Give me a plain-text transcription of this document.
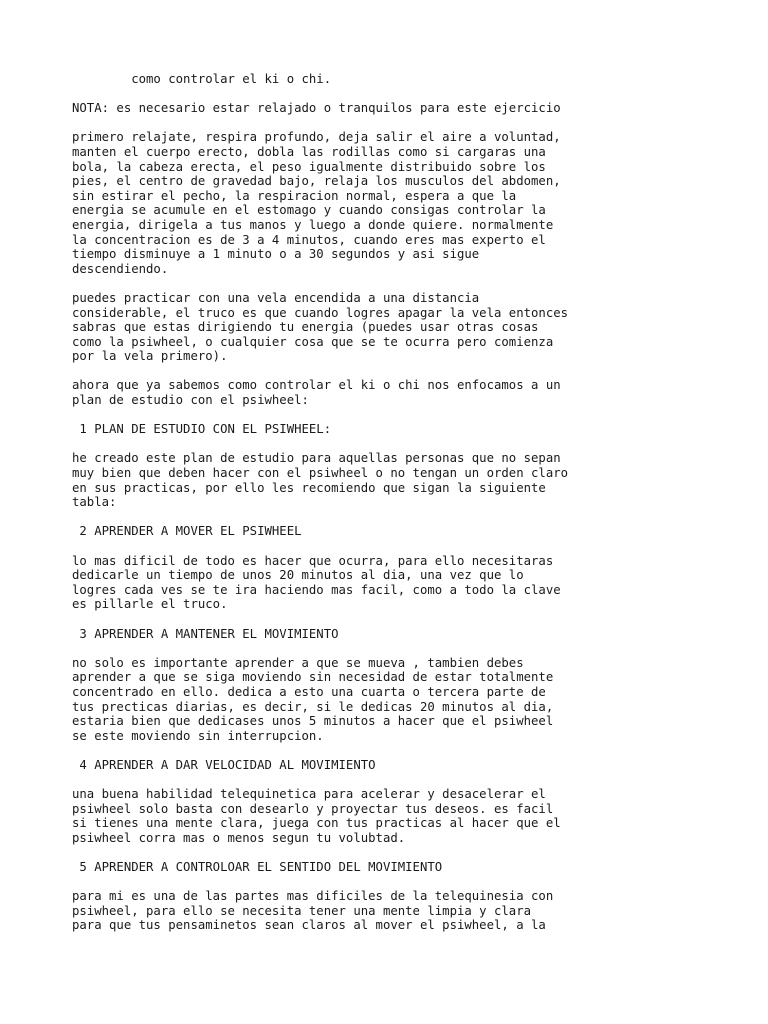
como controlar el ki o chi.
NOTA: es necesario estar relajado o tranquilos para este ejercicio
primero relajate, respira profundo, deja salir el aire a voluntad,
manten el cuerpo erecto, dobla las rodillas como si cargaras una
bola, la cabeza erecta, el peso igualmente distribuido sobre los
pies, el centro de gravedad bajo, relaja los musculos del abdomen,
sin estirar el pecho, la respiracion normal, espera a que la
energia se acumule en el estomago y cuando consigas controlar la
energia, dirigela a tus manos y luego a donde quiere. normalmente
la concentracion es de 3 a 4 minutos, cuando eres mas experto el
tiempo disminuye a 1 minuto o a 30 segundos y asi sigue
descendiendo.
puedes practicar con una vela encendida a una distancia
considerable, el truco es que cuando logres apagar la vela entonces
sabras que estas dirigiendo tu energia (puedes usar otras cosas
como la psiwheel, o cualquier cosa que se te ocurra pero comienza
por la vela primero).
ahora que ya sabemos como controlar el ki o chi nos enfocamos a un
plan de estudio con el psiwheel:
1 PLAN DE ESTUDIO CON EL PSIWHEEL:
he creado este plan de estudio para aquellas personas que no sepan
muy bien que deben hacer con el psiwheel o no tengan un orden claro
en sus practicas, por ello les recomiendo que sigan la siguiente
tabla:
2 APRENDER A MOVER EL PSIWHEEL
lo mas dificil de todo es hacer que ocurra, para ello necesitaras
dedicarle un tiempo de unos 20 minutos al dia, una vez que lo
logres cada ves se te ira haciendo mas facil, como a todo la clave
es pillarle el truco.
3 APRENDER A MANTENER EL MOVIMIENTO
no solo es importante aprender a que se mueva , tambien debes
aprender a que se siga moviendo sin necesidad de estar totalmente
concentrado en ello. dedica a esto una cuarta o tercera parte de
tus precticas diarias, es decir, si le dedicas 20 minutos al dia,
estaria bien que dedicases unos 5 minutos a hacer que el psiwheel
se este moviendo sin interrupcion.
4 APRENDER A DAR VELOCIDAD AL MOVIMIENTO
una buena habilidad telequinetica para acelerar y desacelerar el
psiwheel solo basta con desearlo y proyectar tus deseos. es facil
si tienes una mente clara, juega con tus practicas al hacer que el
psiwheel corra mas o menos segun tu volubtad.
5 APRENDER A CONTROLOAR EL SENTIDO DEL MOVIMIENTO
para mi es una de las partes mas dificiles de la telequinesia con
psiwheel, para ello se necesita tener una mente limpia y clara
para que tus pensaminetos sean claros al mover el psiwheel, a la
